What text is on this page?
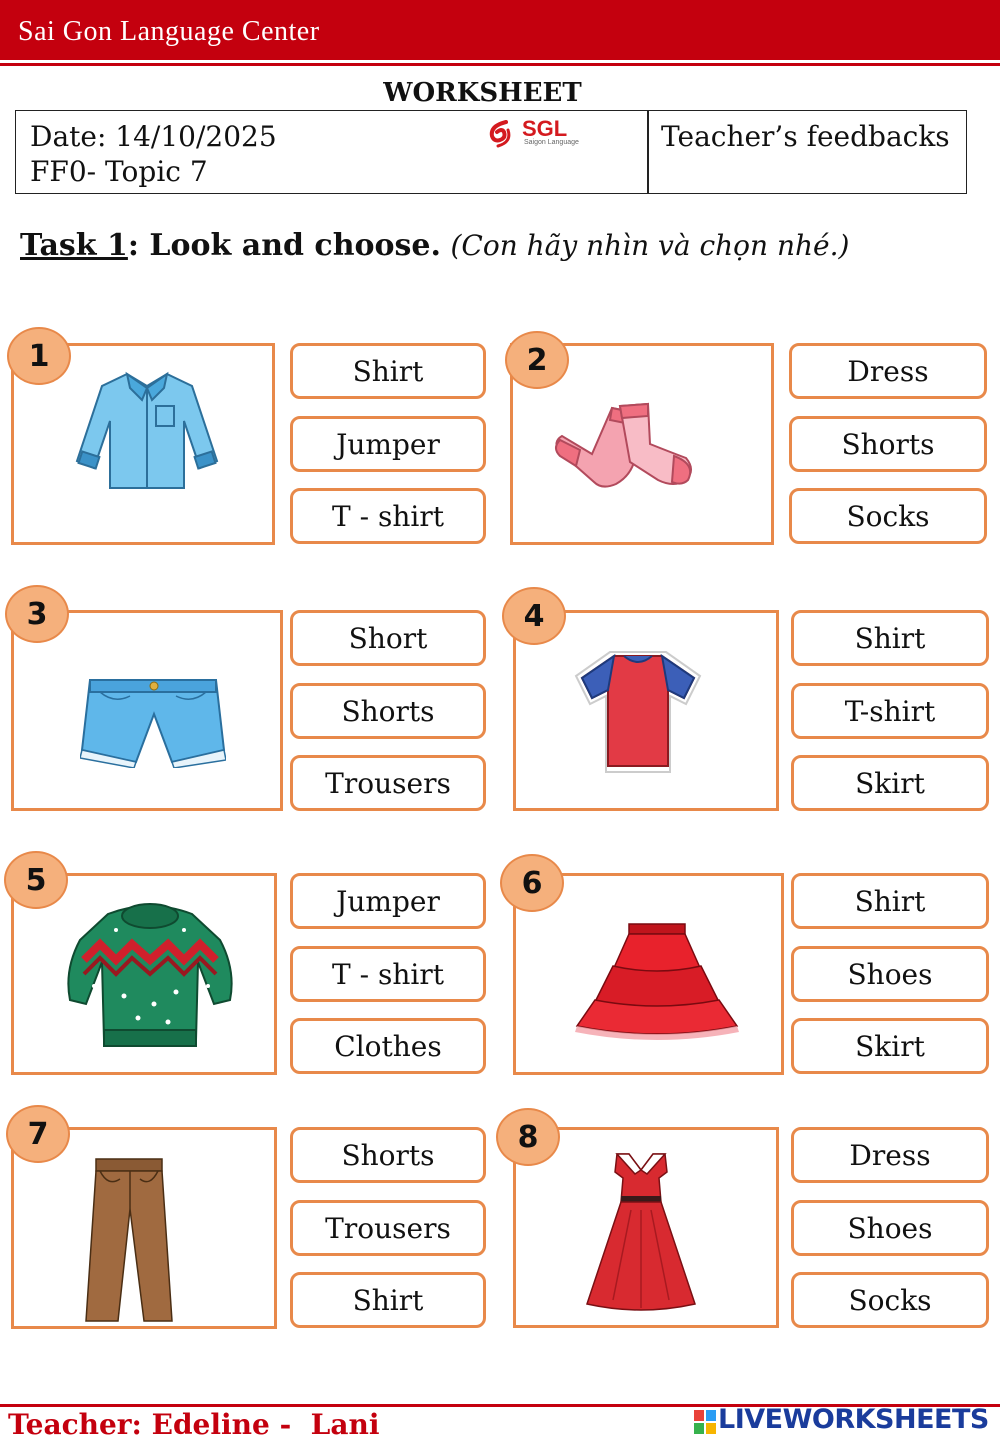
Sai Gon Language Center
WORKSHEET
Date: 14/10/2025
FF0- Topic 7
Teacher’s feedbacks
SGL
Saigon Language
Task 1: Look and choose. (Con hãy nhìn và chọn nhé.)
1	Shirt
Jumper
T - shirt
2	Dress
Shorts
Socks
3
Short
Shorts
Trousers
4
Shirt
T-shirt
Skirt
5
Jumper
T - shirt
Clothes
6
Shirt
Shoes
Skirt
7
Shorts
Trousers
Shirt
8
Dress
Shoes
Socks
Teacher: Edeline -  Lani	LIVEWORKSHEETS
